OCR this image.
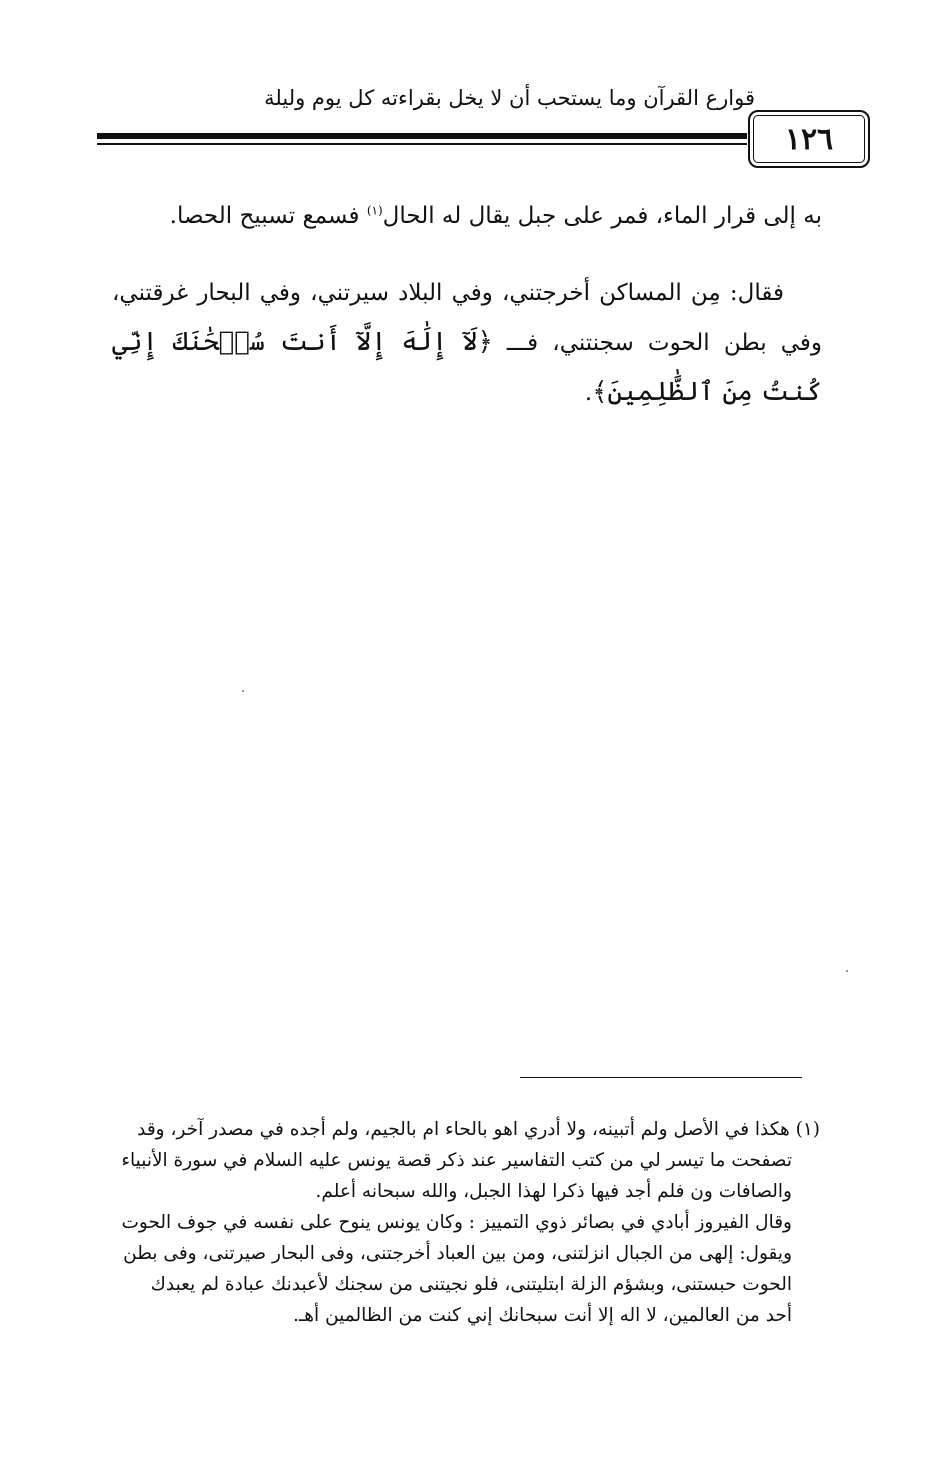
قوارع القرآن وما يستحب أن لا يخل بقراءته كل يوم وليلة
١٢٦

به إلى قرار الماء، فمر على جبل يقال له الحال$^{(١)}$ فسمع تسبيح الحصا.

فقال: مِن المساكن أخرجتني، وفي البلاد سيرتني، وفي البحار غرقتني، وفي بطن الحوت سجنتني، فـــ ﴿لَآ إِلَٰهَ إِلَّآ أَنتَ سُبۡحَٰنَكَ إِنِّي كُنتُ مِنَ ٱلظَّٰلِمِينَ﴾.

(١) هكذا في الأصل ولم أتبينه، ولا أدري اهو بالحاء ام بالجيم، ولم أجده في مصدر آخر، وقد

تصفحت ما تيسر لي من كتب التفاسير عند ذكر قصة يونس عليه السلام في سورة الأنبياء

والصافات ون فلم أجد فيها ذكرا لهذا الجبل، والله سبحانه أعلم.

وقال الفيروز أبادي في بصائر ذوي التمييز : وكان يونس ينوح على نفسه في جوف الحوت

ويقول: إلهى من الجبال انزلتنى، ومن بين العباد أخرجتنى، وفى البحار صيرتنى، وفى بطن

الحوت حبستنى، وبشؤم الزلة ابتليتنى، فلو نجيتنى من سجنك لأعبدنك عبادة لم يعبدك

أحد من العالمين، لا اله إلا أنت سبحانك إني كنت من الظالمين أهـ.
